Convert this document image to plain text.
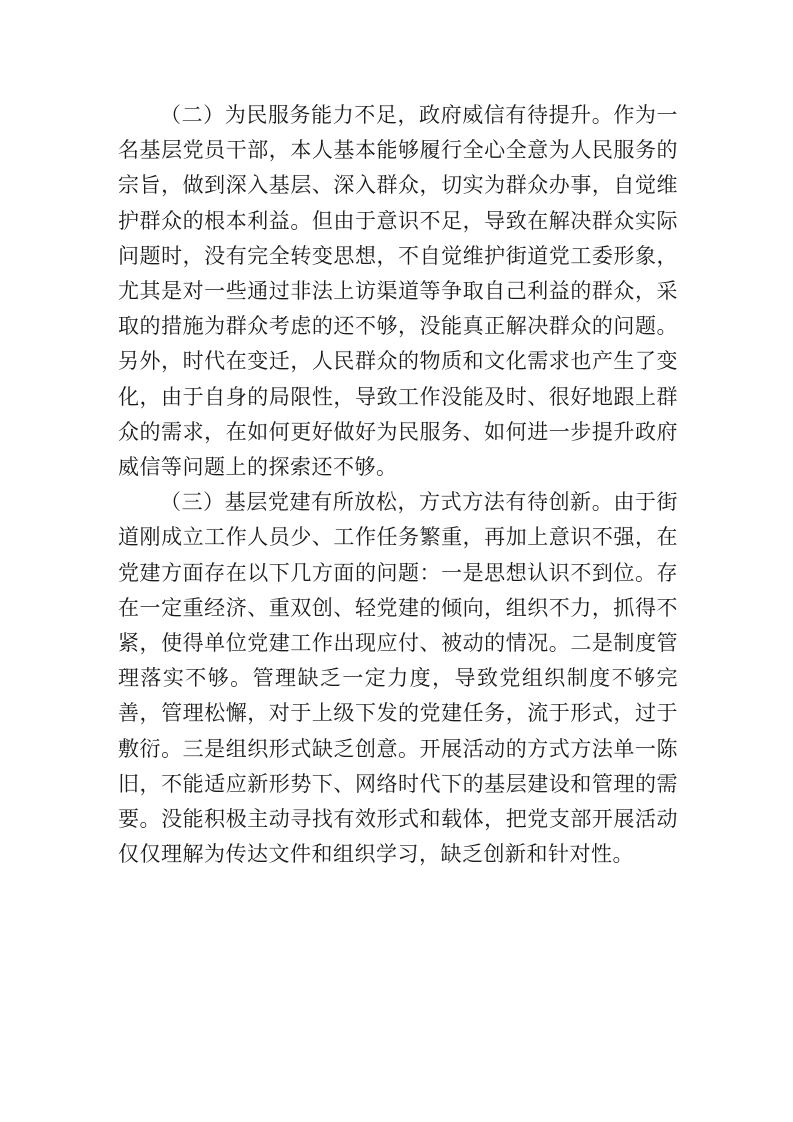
（二）为民服务能力不足，政府威信有待提升。作为一名基层党员干部，本人基本能够履行全心全意为人民服务的宗旨，做到深入基层、深入群众，切实为群众办事，自觉维护群众的根本利益。但由于意识不足，导致在解决群众实际问题时，没有完全转变思想，不自觉维护街道党工委形象，尤其是对一些通过非法上访渠道等争取自己利益的群众，采取的措施为群众考虑的还不够，没能真正解决群众的问题。另外，时代在变迁，人民群众的物质和文化需求也产生了变化，由于自身的局限性，导致工作没能及时、很好地跟上群众的需求，在如何更好做好为民服务、如何进一步提升政府威信等问题上的探索还不够。

（三）基层党建有所放松，方式方法有待创新。由于街道刚成立工作人员少、工作任务繁重，再加上意识不强，在党建方面存在以下几方面的问题：一是思想认识不到位。存在一定重经济、重双创、轻党建的倾向，组织不力，抓得不紧，使得单位党建工作出现应付、被动的情况。二是制度管理落实不够。管理缺乏一定力度，导致党组织制度不够完善，管理松懈，对于上级下发的党建任务，流于形式，过于敷衍。三是组织形式缺乏创意。开展活动的方式方法单一陈旧，不能适应新形势下、网络时代下的基层建设和管理的需要。没能积极主动寻找有效形式和载体，把党支部开展活动仅仅理解为传达文件和组织学习，缺乏创新和针对性。
